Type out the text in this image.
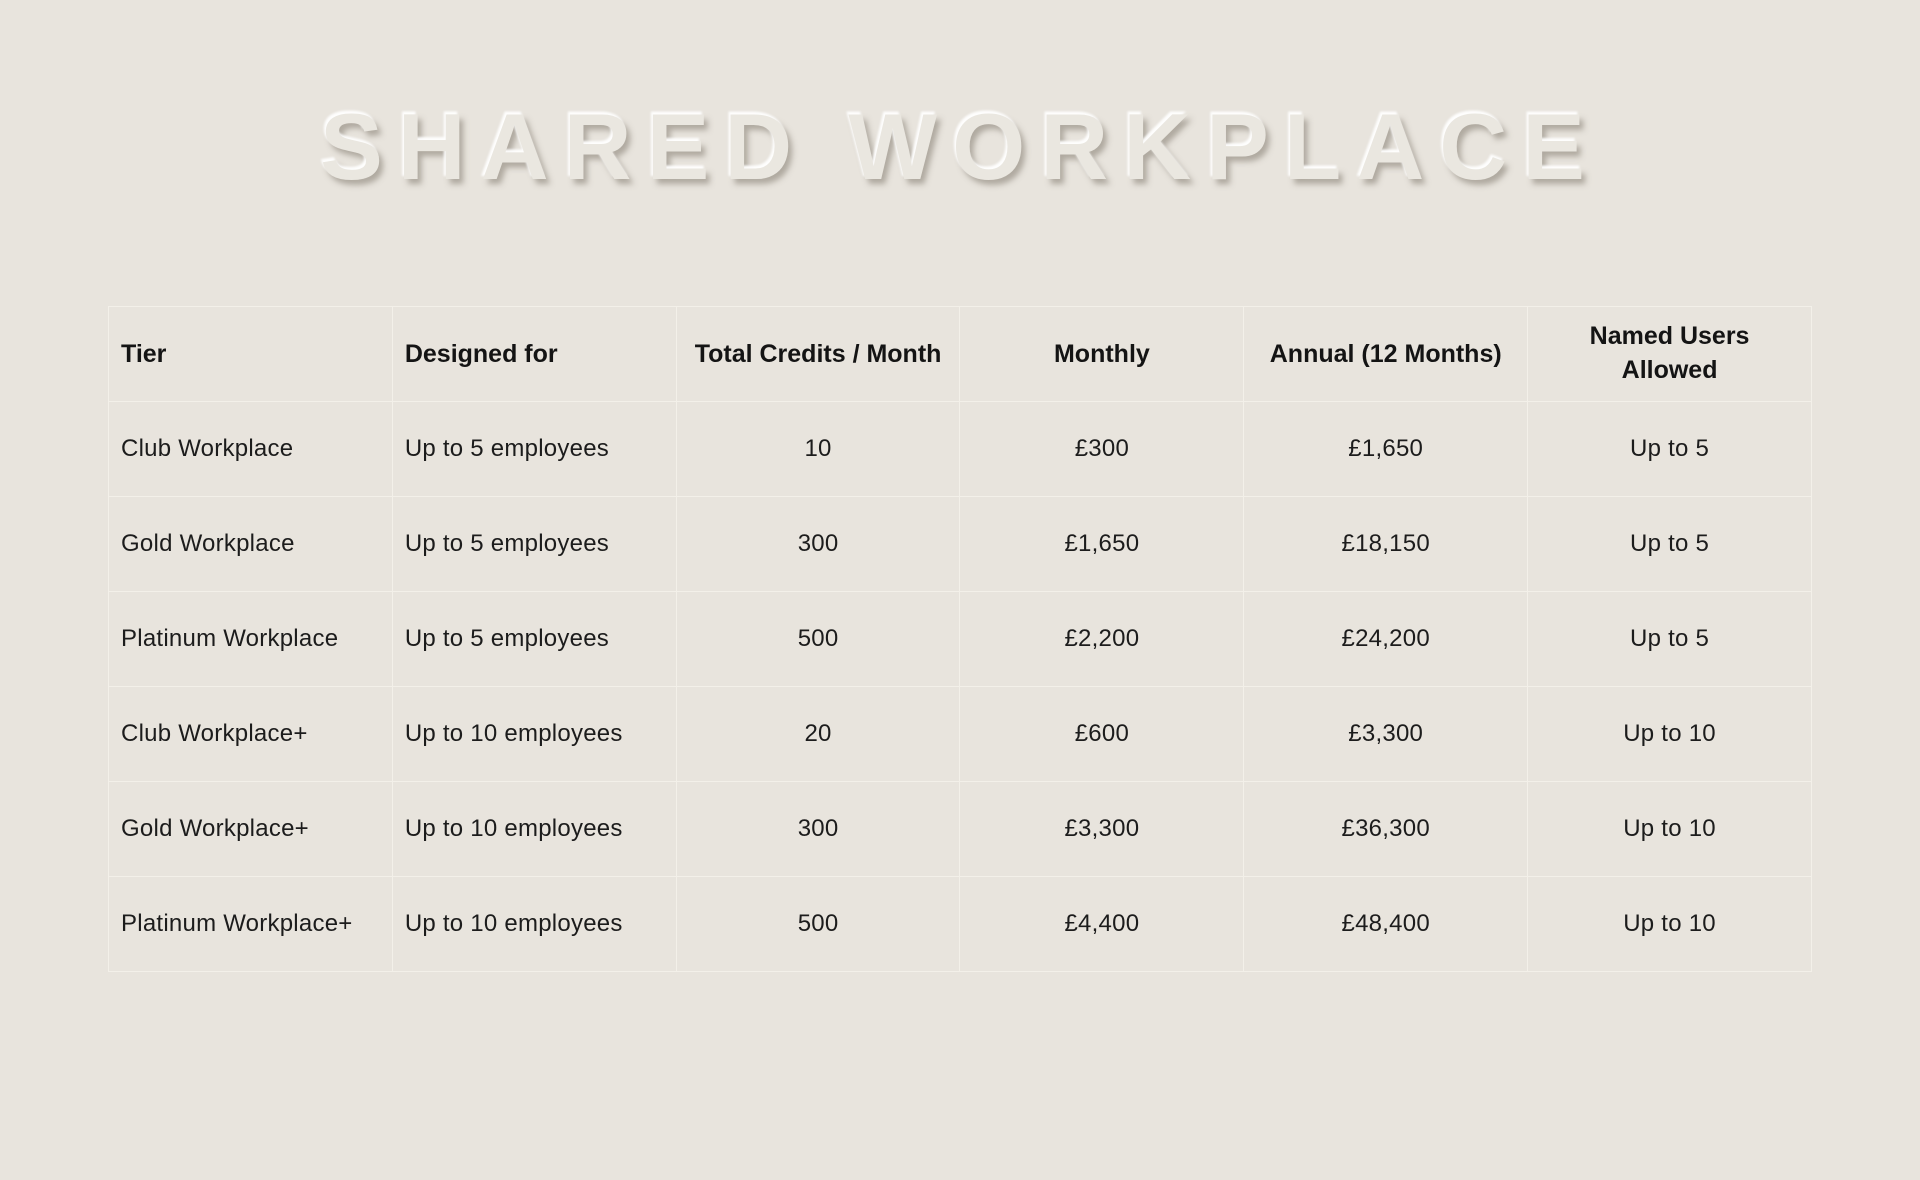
SHARED WORKPLACE
Tier	Designed for	Total Credits / Month	Monthly	Annual (12 Months)	Named Users Allowed
Club Workplace	Up to 5 employees	10	£300	£1,650	Up to 5
Gold Workplace	Up to 5 employees	300	£1,650	£18,150	Up to 5
Platinum Workplace	Up to 5 employees	500	£2,200	£24,200	Up to 5
Club Workplace+	Up to 10 employees	20	£600	£3,300	Up to 10
Gold Workplace+	Up to 10 employees	300	£3,300	£36,300	Up to 10
Platinum Workplace+	Up to 10 employees	500	£4,400	£48,400	Up to 10
